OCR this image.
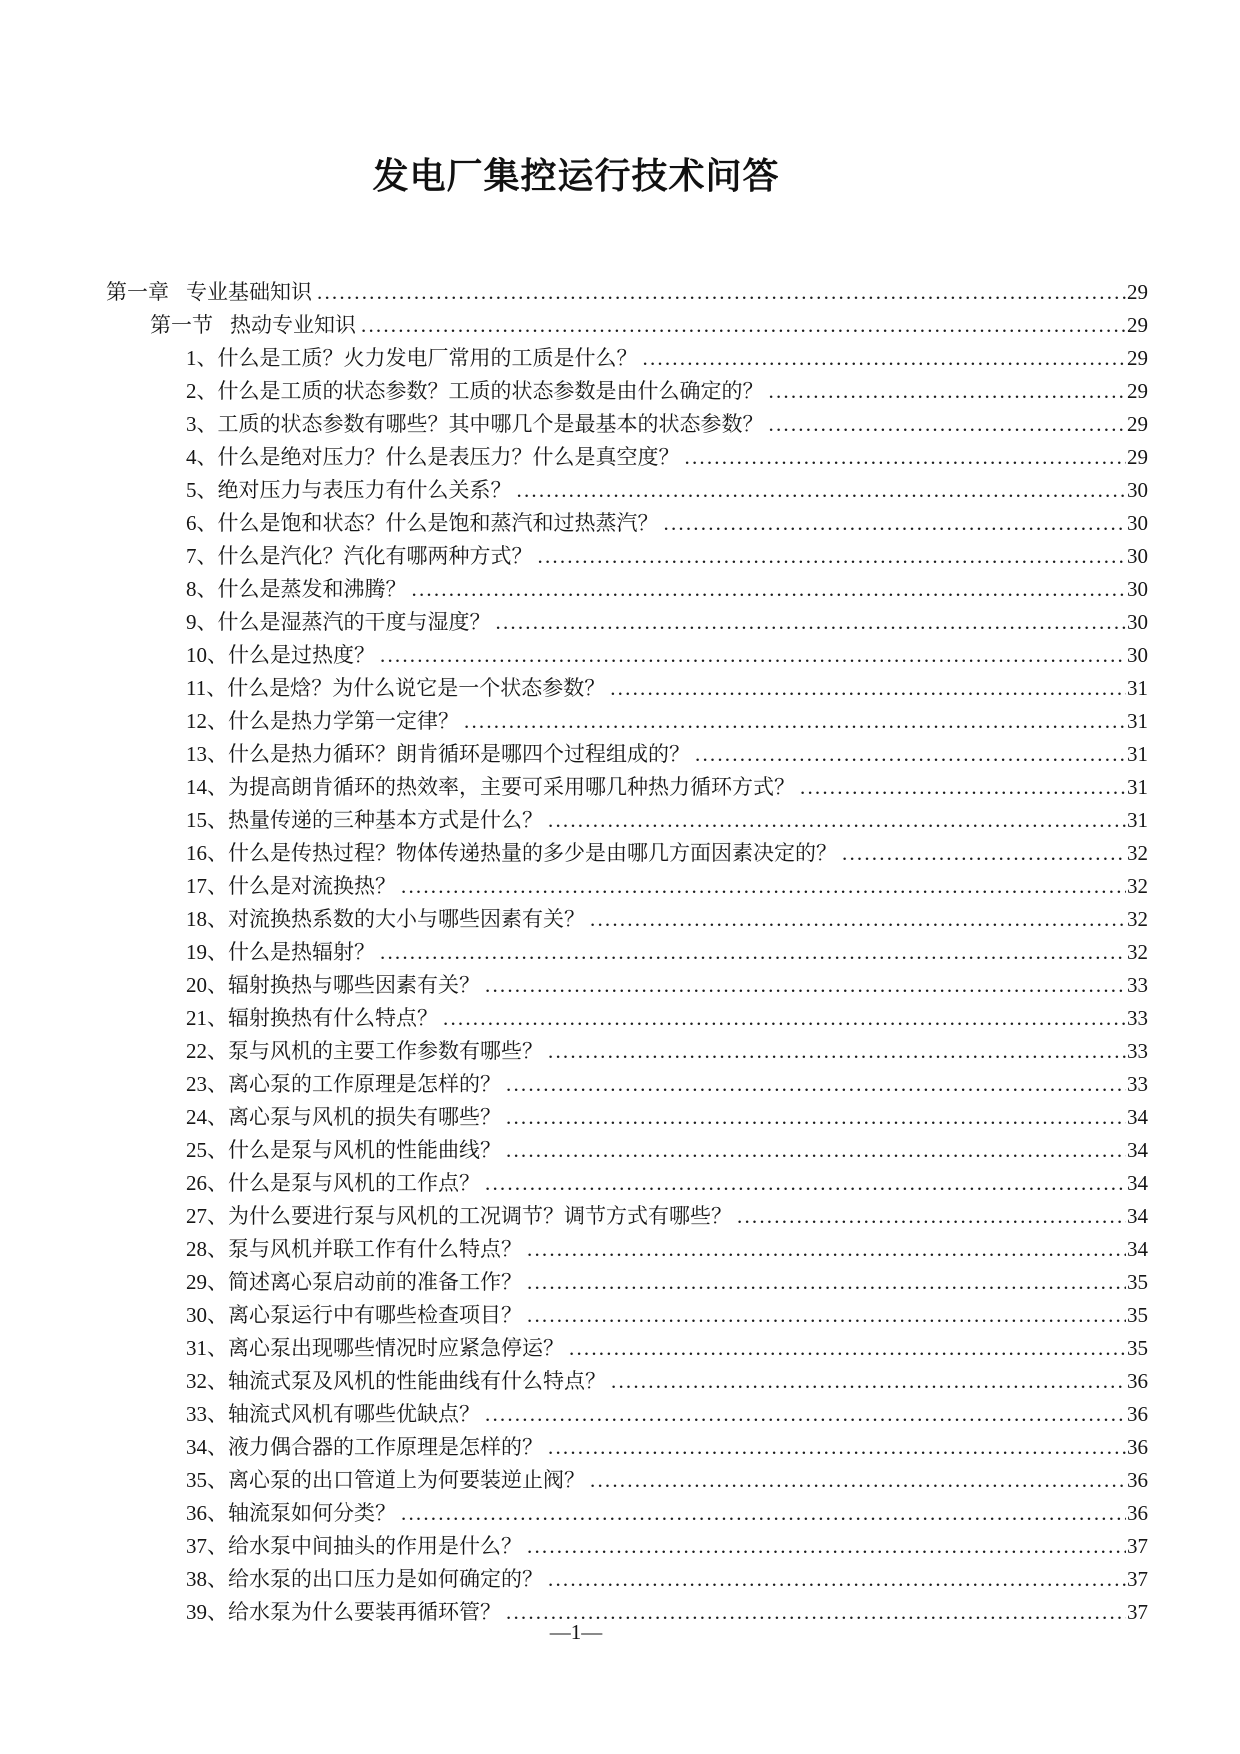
发电厂集控运行技术问答
第一章 专业基础知识 .....	29
第一节 热动专业知识 .....	29
1、 什么是工质？火力发电厂常用的工质是什么？ .....	29
2、 什么是工质的状态参数？工质的状态参数是由什么确定的？ .....	29
3、 工质的状态参数有哪些？其中哪几个是最基本的状态参数？ .....	29
4、 什么是绝对压力？什么是表压力？什么是真空度？ .....	29
5、 绝对压力与表压力有什么关系？ .....	30
6、 什么是饱和状态？什么是饱和蒸汽和过热蒸汽？ .....	30
7、 什么是汽化？汽化有哪两种方式？ .....	30
8、 什么是蒸发和沸腾？ .....	30
9、 什么是湿蒸汽的干度与湿度？ .....	30
10、 什么是过热度？ .....	30
11、 什么是焓？为什么说它是一个状态参数？ .....	31
12、 什么是热力学第一定律？ .....	31
13、 什么是热力循环？朗肯循环是哪四个过程组成的？ .....	31
14、 为提高朗肯循环的热效率，主要可采用哪几种热力循环方式？ .....	31
15、 热量传递的三种基本方式是什么？ .....	31
16、 什么是传热过程？物体传递热量的多少是由哪几方面因素决定的？ .....	32
17、 什么是对流换热？ .....	32
18、 对流换热系数的大小与哪些因素有关？ .....	32
19、 什么是热辐射？ .....	32
20、 辐射换热与哪些因素有关？ .....	33
21、 辐射换热有什么特点？ .....	33
22、 泵与风机的主要工作参数有哪些？ .....	33
23、 离心泵的工作原理是怎样的？ .....	33
24、 离心泵与风机的损失有哪些？ .....	34
25、 什么是泵与风机的性能曲线？ .....	34
26、 什么是泵与风机的工作点？ .....	34
27、 为什么要进行泵与风机的工况调节？调节方式有哪些？ .....	34
28、 泵与风机并联工作有什么特点？ .....	34
29、 简述离心泵启动前的准备工作？ .....	35
30、 离心泵运行中有哪些检查项目？ .....	35
31、 离心泵出现哪些情况时应紧急停运？ .....	35
32、 轴流式泵及风机的性能曲线有什么特点？ .....	36
33、 轴流式风机有哪些优缺点？ .....	36
34、 液力偶合器的工作原理是怎样的？ .....	36
35、 离心泵的出口管道上为何要装逆止阀？ .....	36
36、 轴流泵如何分类？ .....	36
37、 给水泵中间抽头的作用是什么？ .....	37
38、 给水泵的出口压力是如何确定的？ .....	37
39、 给水泵为什么要装再循环管？ .....	37
—1—
